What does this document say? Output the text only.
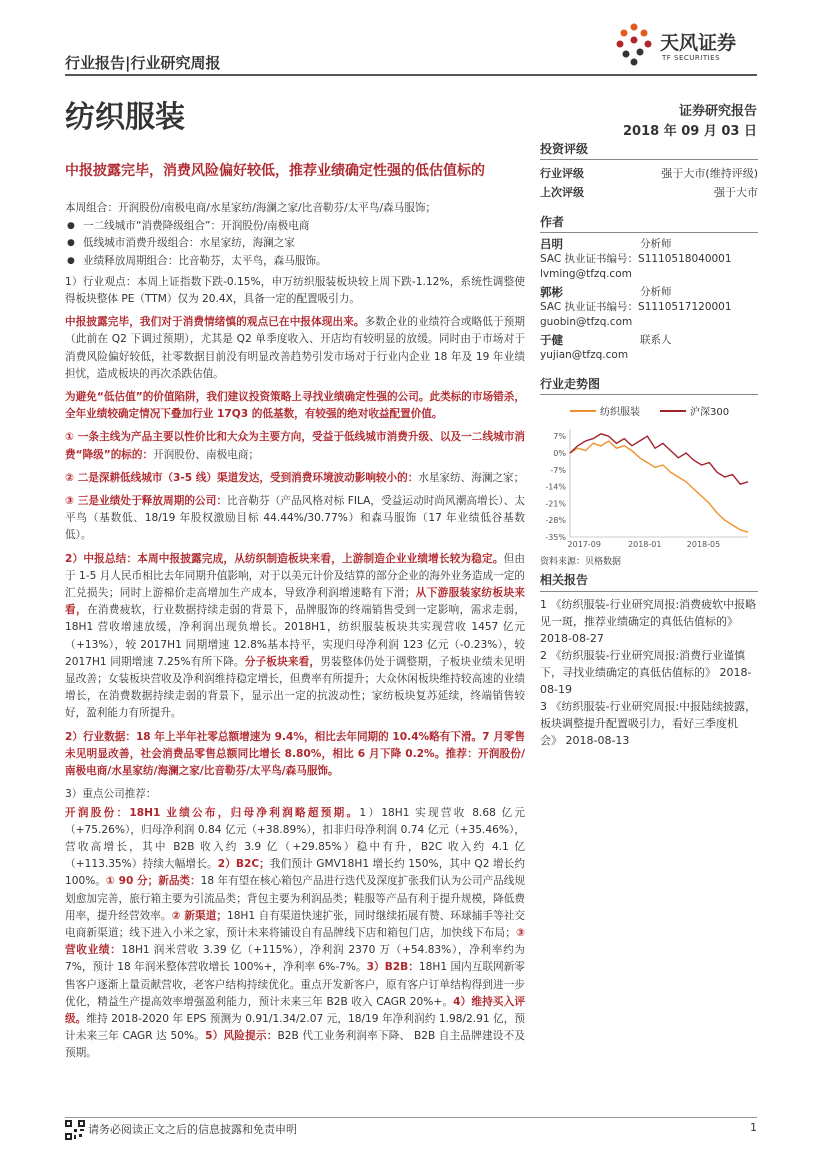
行业报告|行业研究周报
天风证券
TF SECURITIES
纺织服装	证券研究报告
2018 年 09 月 03 日
中报披露完毕，消费风险偏好较低，推荐业绩确定性强的低估值标的

本周组合：开润股份/南极电商/水星家纺/海澜之家/比音勒芬/太平鸟/森马服饰；

● 一二线城市“消费降级组合”：开润股份/南极电商
● 低线城市消费升级组合：水星家纺，海澜之家
● 业绩释放周期组合：比音勒芬，太平鸟，森马服饰。

1）行业观点：本周上证指数下跌-0.15%，申万纺织服装板块较上周下跌-1.12%，系统性调整使得板块整体 PE（TTM）仅为 20.4X，具备一定的配置吸引力。

中报披露完毕，我们对于消费情绪慎的观点已在中报体现出来。多数企业的业绩符合或略低于预期（此前在 Q2 下调过预期），尤其是 Q2 单季度收入、开店均有较明显的放缓。同时由于市场对于消费风险偏好较低，社零数据目前没有明显改善趋势引发市场对于行业内企业 18 年及 19 年业绩担忧，造成板块的再次杀跌估值。

为避免“低估值”的价值陷阱，我们建议投资策略上寻找业绩确定性强的公司。此类标的市场错杀，全年业绩较确定情况下叠加行业 17Q3 的低基数，有较强的绝对收益配置价值。

① 一条主线为产品主要以性价比和大众为主要方向，受益于低线城市消费升级、以及一二线城市消费“降级”的标的：开润股份、南极电商；

② 二是深耕低线城市（3-5 线）渠道发达，受到消费环境波动影响较小的：水星家纺、海澜之家；

③ 三是业绩处于释放周期的公司：比音勒芬（产品风格对标 FILA，受益运动时尚风潮高增长）、太平鸟（基数低、18/19 年股权激励目标 44.44%/30.77%）和森马服饰（17 年业绩低谷基数低）。

2）中报总结：本周中报披露完成，从纺织制造板块来看，上游制造企业业绩增长较为稳定。但由于 1-5 月人民币相比去年同期升值影响，对于以美元计价及结算的部分企业的海外业务造成一定的汇兑损失；同时上游棉价走高增加生产成本，导致净利润增速略有下滑；从下游服装家纺板块来看，在消费疲软，行业数据持续走弱的背景下，品牌服饰的终端销售受到一定影响，需求走弱，18H1 营收增速放缓，净利润出现负增长。2018H1，纺织服装板块共实现营收 1457 亿元（+13%），较 2017H1 同期增速 12.8%基本持平，实现归母净利润 123 亿元（-0.23%），较 2017H1 同期增速 7.25%有所下降。分子板块来看，男装整体仍处于调整期，子板块业绩未见明显改善；女装板块营收及净利润维持稳定增长，但费率有所提升；大众休闲板块维持较高速的业绩增长，在消费数据持续走弱的背景下，显示出一定的抗波动性；家纺板块复苏延续，终端销售较好，盈利能力有所提升。

2）行业数据：18 年上半年社零总额增速为 9.4%，相比去年同期的 10.4%略有下滑。7 月零售未见明显改善，社会消费品零售总额同比增长 8.80%，相比 6 月下降 0.2%。推荐：开润股份/南极电商/水星家纺/海澜之家/比音勒芬/太平鸟/森马服饰。

3）重点公司推荐：

开润股份：18H1 业绩公布，归母净利润略超预期。1）18H1 实现营收 8.68 亿元（+75.26%），归母净利润 0.84 亿元（+38.89%），扣非归母净利润 0.74 亿元（+35.46%），营收高增长，其中 B2B 收入约 3.9 亿（+29.85%）稳中有升，B2C 收入约 4.1 亿（+113.35%）持续大幅增长。2）B2C；我们预计 GMV18H1 增长约 150%，其中 Q2 增长约 100%。① 90 分；新品类：18 年有望在核心箱包产品进行迭代及深度扩张我们认为公司产品线规划愈加完善，旅行箱主要为引流品类；背包主要为利润品类；鞋服等产品有利于提升规模，降低费用率，提升经营效率。② 新渠道；18H1 自有渠道快速扩张，同时继续拓展有赞、环球捕手等社交电商新渠道；线下进入小米之家，预计未来将铺设自有品牌线下店和箱包门店，加快线下布局；③ 营收业绩：18H1 润米营收 3.39 亿（+115%），净利润 2370 万（+54.83%），净利率约为 7%，预计 18 年润米整体营收增长 100%+，净利率 6%-7%。3）B2B：18H1 国内互联网新零售客户逐渐上量贡献营收，老客户结构持续优化。重点开发新客户，原有客户订单结构得到进一步优化，精益生产提高效率增强盈利能力，预计未来三年 B2B 收入 CAGR 20%+。4）维持买入评级。维持 2018-2020 年 EPS 预测为 0.91/1.34/2.07 元，18/19 年净利润约 1.98/2.91 亿，预计未来三年 CAGR 达 50%。5）风险提示：B2B 代工业务利润率下降、 B2B 自主品牌建设不及预期。

投资评级
行业评级	强于大市(维持评级)
上次评级	强于大市
作者
吕明	分析师
SAC 执业证书编号：S1110518040001
lvming@tfzq.com
郭彬	分析师
SAC 执业证书编号：S1110517120001
guobin@tfzq.com
于健	联系人
yujian@tfzq.com
行业走势图
纺织服装	沪深300
7%
0%
-7%
-14%
-21%
-28%
-35%
2017-09	2018-01	2018-05
资料来源：贝格数据
相关报告
1 《纺织服装-行业研究周报:消费疲软中报略见一斑，推荐业绩确定的真低估值标的》 2018-08-27
2 《纺织服装-行业研究周报:消费行业谨慎下，寻找业绩确定的真低估值标的》 2018-08-19
3 《纺织服装-行业研究周报:中报陆续披露，板块调整提升配置吸引力，看好三季度机会》 2018-08-13
请务必阅读正文之后的信息披露和免责申明	1
